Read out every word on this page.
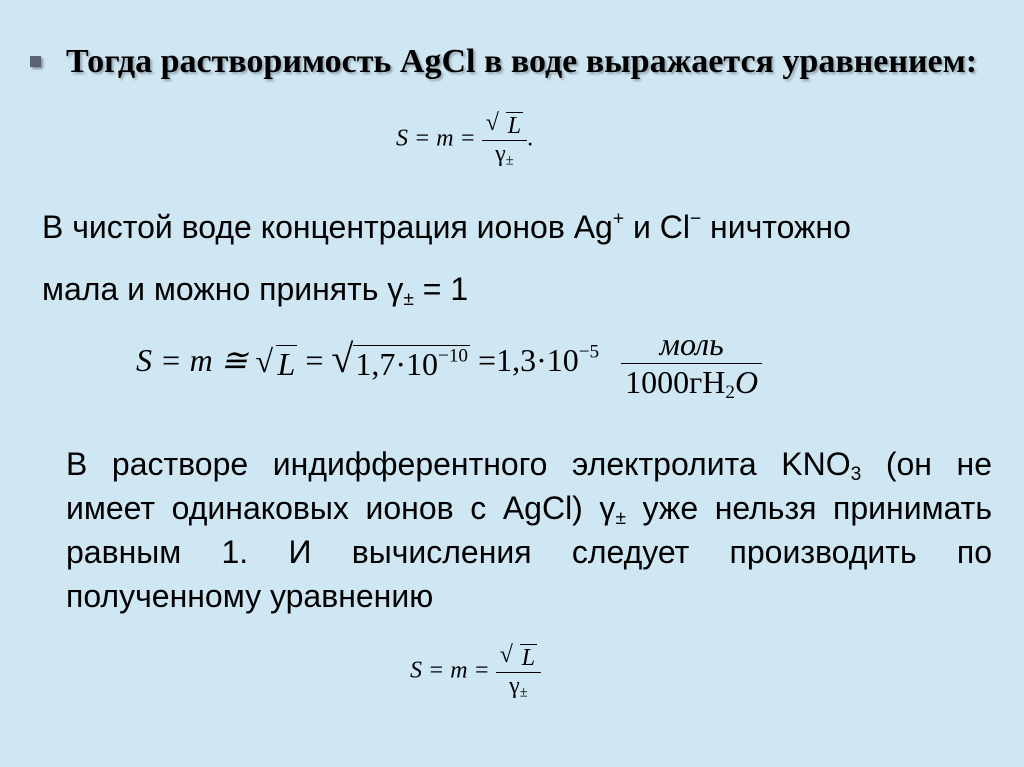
Тогда растворимость AgCl в воде выражается уравнением:
$S = m = \frac{√ L}{\gamma_\pm}$ .
В чистой воде концентрация ионов Ag+ и Cl− ничтожно
мала и можно принять $\gamma_\pm = 1$
S = m ≅ √ L = √ $1,7\cdot 10^{-10} =1,3\cdot 10^{-5} \frac{\text{моль}}{1000гH_2O}$
В растворе индифферентного электролита $KNO_3$ (он не имеет одинаковых ионов с AgCl) $\gamma_\pm$ уже нельзя принимать равным 1. И вычисления следует производить по полученному уравнению
$S = m = \frac{√ L}{\gamma_\pm}$
